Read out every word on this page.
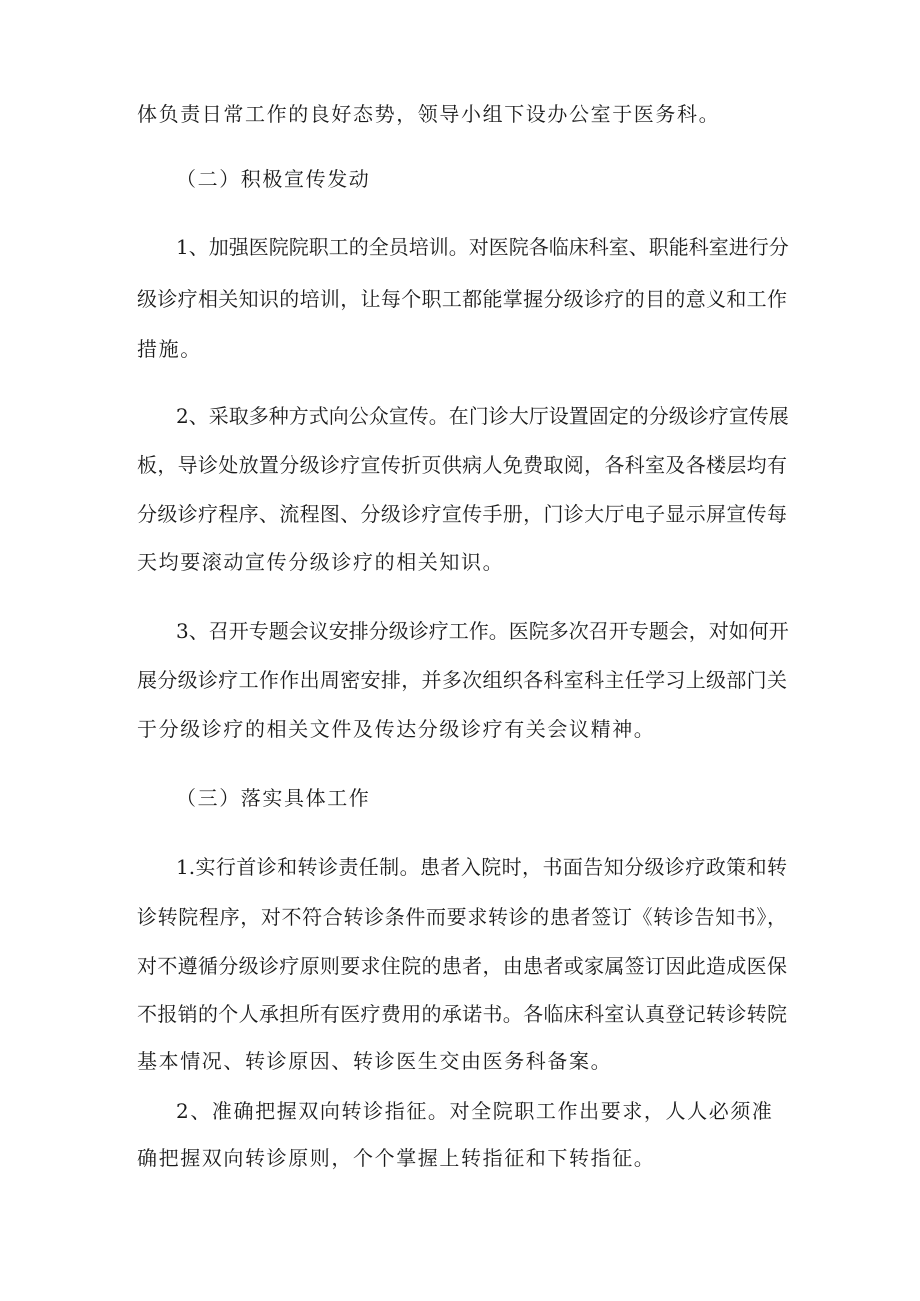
体负责日常工作的良好态势，领导小组下设办公室于医务科。
（二）积极宣传发动
1、加强医院院职工的全员培训。对医院各临床科室、职能科室进行分
级诊疗相关知识的培训，让每个职工都能掌握分级诊疗的目的意义和工作
措施。
2、采取多种方式向公众宣传。在门诊大厅设置固定的分级诊疗宣传展
板，导诊处放置分级诊疗宣传折页供病人免费取阅，各科室及各楼层均有
分级诊疗程序、流程图、分级诊疗宣传手册，门诊大厅电子显示屏宣传每
天均要滚动宣传分级诊疗的相关知识。
3、召开专题会议安排分级诊疗工作。医院多次召开专题会，对如何开
展分级诊疗工作作出周密安排，并多次组织各科室科主任学习上级部门关
于分级诊疗的相关文件及传达分级诊疗有关会议精神。
（三）落实具体工作
1.实行首诊和转诊责任制。患者入院时，书面告知分级诊疗政策和转
诊转院程序，对不符合转诊条件而要求转诊的患者签订《转诊告知书》，
对不遵循分级诊疗原则要求住院的患者，由患者或家属签订因此造成医保
不报销的个人承担所有医疗费用的承诺书。各临床科室认真登记转诊转院
基本情况、转诊原因、转诊医生交由医务科备案。
2、准确把握双向转诊指征。对全院职工作出要求，人人必须准
确把握双向转诊原则，个个掌握上转指征和下转指征。
